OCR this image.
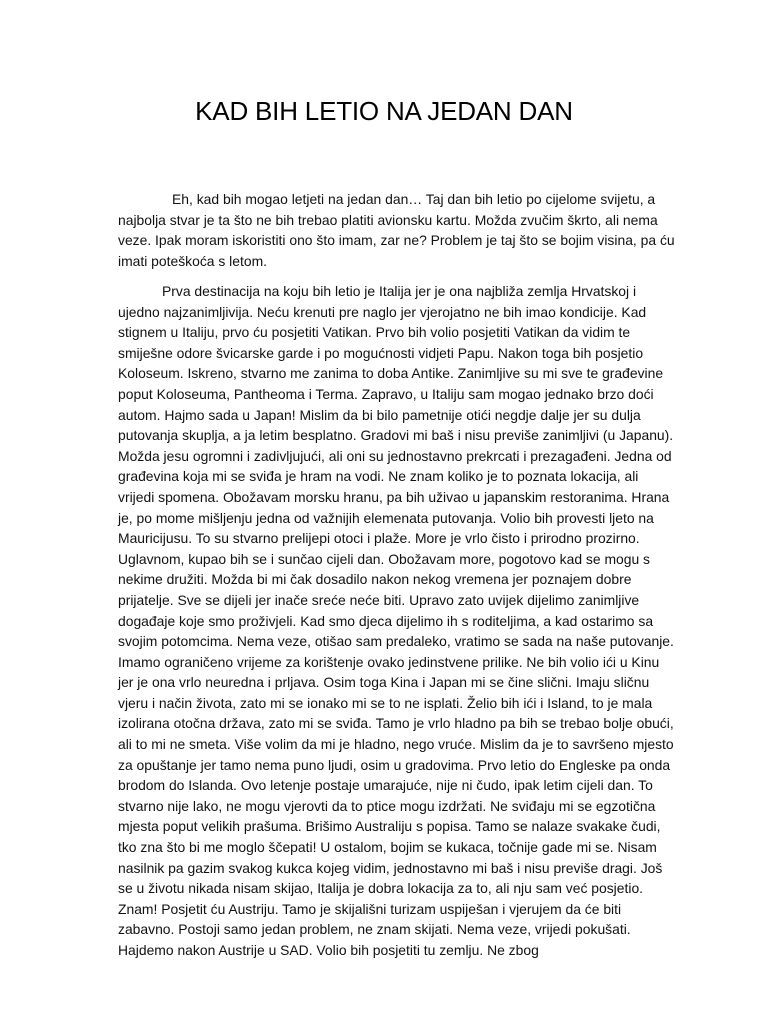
KAD BIH LETIO NA JEDAN DAN
Eh, kad bih mogao letjeti na jedan dan… Taj dan bih letio po cijelome svijetu, a najbolja stvar je ta što ne bih trebao platiti avionsku kartu. Možda zvučim škrto, ali nema veze. Ipak moram iskoristiti ono što imam, zar ne? Problem je taj što se bojim visina, pa ću imati poteškoća s letom.
Prva destinacija na koju bih letio je Italija jer je ona najbliža zemlja Hrvatskoj i ujedno najzanimljivija. Neću krenuti pre naglo jer vjerojatno ne bih imao kondicije. Kad stignem u Italiju, prvo ću posjetiti Vatikan. Prvo bih volio posjetiti Vatikan da vidim te smiješne odore švicarske garde i po mogućnosti vidjeti Papu. Nakon toga bih posjetio Koloseum. Iskreno, stvarno me zanima to doba Antike. Zanimljive su mi sve te građevine poput Koloseuma, Pantheoma i Terma. Zapravo, u Italiju sam mogao jednako brzo doći autom. Hajmo sada u Japan! Mislim da bi bilo pametnije otići negdje dalje jer su dulja putovanja skuplja, a ja letim besplatno. Gradovi mi baš i nisu previše zanimljivi (u Japanu). Možda jesu ogromni i zadivljujući, ali oni su jednostavno prekrcati i prezagađeni. Jedna od građevina koja mi se sviđa je hram na vodi. Ne znam koliko je to poznata lokacija, ali vrijedi spomena. Obožavam morsku hranu, pa bih uživao u japanskim restoranima. Hrana je, po mome mišljenju jedna od važnijih elemenata putovanja. Volio bih provesti ljeto na Mauricijusu. To su stvarno prelijepi otoci i plaže. More je vrlo čisto i prirodno prozirno. Uglavnom, kupao bih se i sunčao cijeli dan. Obožavam more, pogotovo kad se mogu s nekime družiti. Možda bi mi čak dosadilo nakon nekog vremena jer poznajem dobre prijatelje. Sve se dijeli jer inače sreće neće biti. Upravo zato uvijek dijelimo zanimljive događaje koje smo proživjeli. Kad smo djeca dijelimo ih s roditeljima, a kad ostarimo sa svojim potomcima. Nema veze, otišao sam predaleko, vratimo se sada na naše putovanje. Imamo ograničeno vrijeme za korištenje ovako jedinstvene prilike. Ne bih volio ići u Kinu jer je ona vrlo neuredna i prljava. Osim toga Kina i Japan mi se čine slični. Imaju sličnu vjeru i način života, zato mi se ionako mi se to ne isplati. Želio bih ići i Island, to je mala izolirana otočna država, zato mi se sviđa. Tamo je vrlo hladno pa bih se trebao bolje obući, ali to mi ne smeta. Više volim da mi je hladno, nego vruće. Mislim da je to savršeno mjesto za opuštanje jer tamo nema puno ljudi, osim u gradovima. Prvo letio do Engleske pa onda brodom do Islanda. Ovo letenje postaje umarajuće, nije ni čudo, ipak letim cijeli dan. To stvarno nije lako, ne mogu vjerovti da to ptice mogu izdržati. Ne sviđaju mi se egzotična mjesta poput velikih prašuma. Brišimo Australiju s popisa. Tamo se nalaze svakake čudi, tko zna što bi me moglo ščepati! U ostalom, bojim se kukaca, točnije gade mi se. Nisam nasilnik pa gazim svakog kukca kojeg vidim, jednostavno mi baš i nisu previše dragi. Još se u životu nikada nisam skijao, Italija je dobra lokacija za to, ali nju sam već posjetio. Znam! Posjetit ću Austriju. Tamo je skijališni turizam uspiješan i vjerujem da će biti zabavno. Postoji samo jedan problem, ne znam skijati. Nema veze, vrijedi pokušati. Hajdemo nakon Austrije u SAD. Volio bih posjetiti tu zemlju. Ne zbog
